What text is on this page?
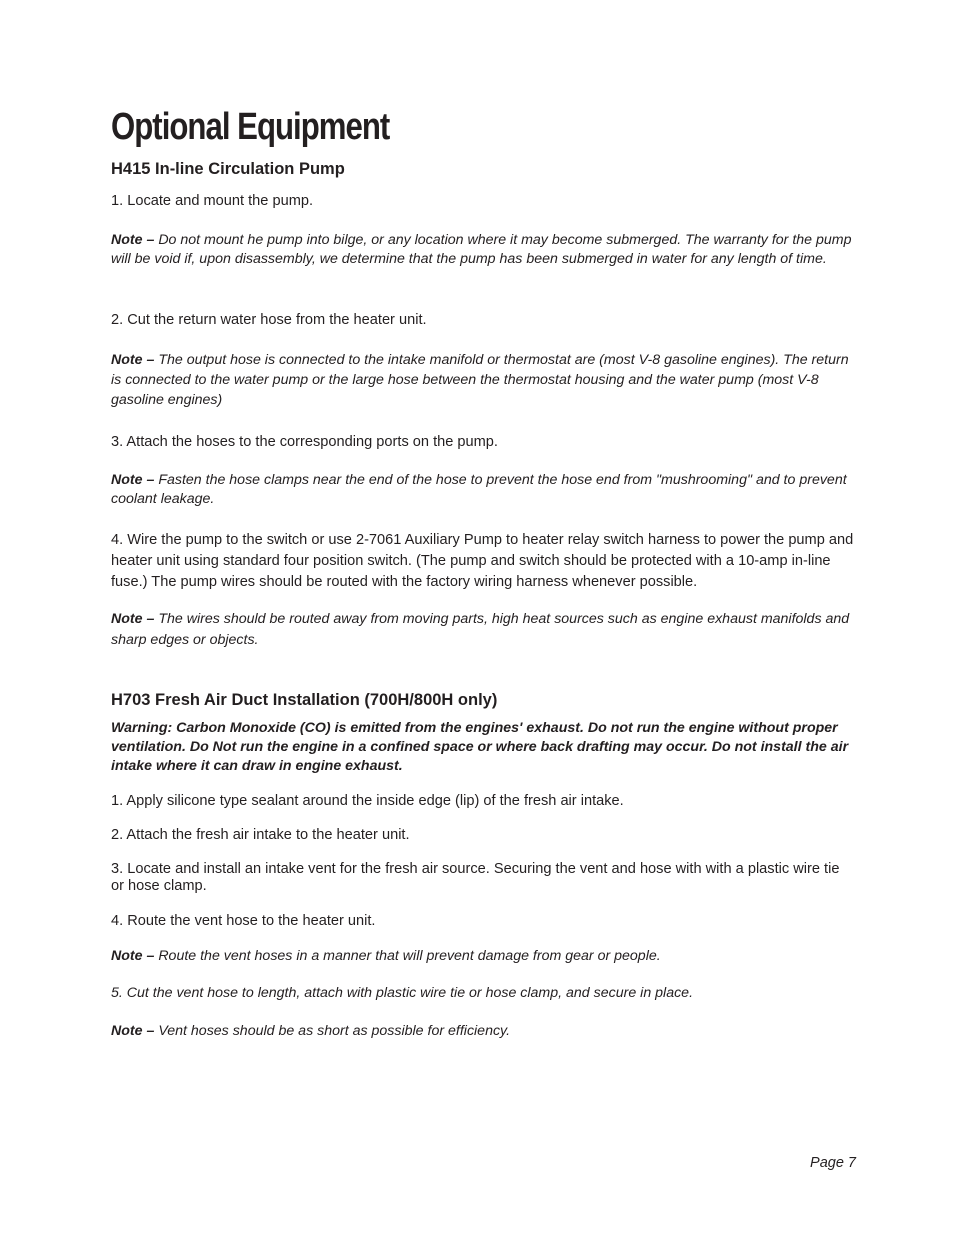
Optional Equipment
H415 In-line Circulation Pump

1. Locate and mount the pump.

Note – Do not mount he pump into bilge, or any location where it may become submerged. The warranty for the pump will be void if, upon disassembly, we determine that the pump has been submerged in water for any length of time.

2. Cut the return water hose from the heater unit.

Note – The output hose is connected to the intake manifold or thermostat are (most V-8 gasoline engines). The return is connected to the water pump or the large hose between the thermostat housing and the water pump (most V-8 gasoline engines)

3. Attach the hoses to the corresponding ports on the pump.

Note – Fasten the hose clamps near the end of the hose to prevent the hose end from "mushrooming" and to prevent coolant leakage.

4. Wire the pump to the switch or use 2-7061 Auxiliary Pump to heater relay switch harness to power the pump and heater unit using standard four position switch. (The pump and switch should be protected with a 10-amp in-line fuse.) The pump wires should be routed with the factory wiring harness whenever possible.

Note – The wires should be routed away from moving parts, high heat sources such as engine exhaust manifolds and sharp edges or objects.

H703 Fresh Air Duct Installation (700H/800H only)

Warning: Carbon Monoxide (CO) is emitted from the engines' exhaust. Do not run the engine without proper ventilation. Do Not run the engine in a confined space or where back drafting may occur. Do not install the air intake where it can draw in engine exhaust.

1. Apply silicone type sealant around the inside edge (lip) of the fresh air intake.

2. Attach the fresh air intake to the heater unit.

3. Locate and install an intake vent for the fresh air source. Securing the vent and hose with with a plastic wire tie or hose clamp.

4. Route the vent hose to the heater unit.

Note – Route the vent hoses in a manner that will prevent damage from gear or people.

5. Cut the vent hose to length, attach with plastic wire tie or hose clamp, and secure in place.

Note – Vent hoses should be as short as possible for efficiency.

Page 7
